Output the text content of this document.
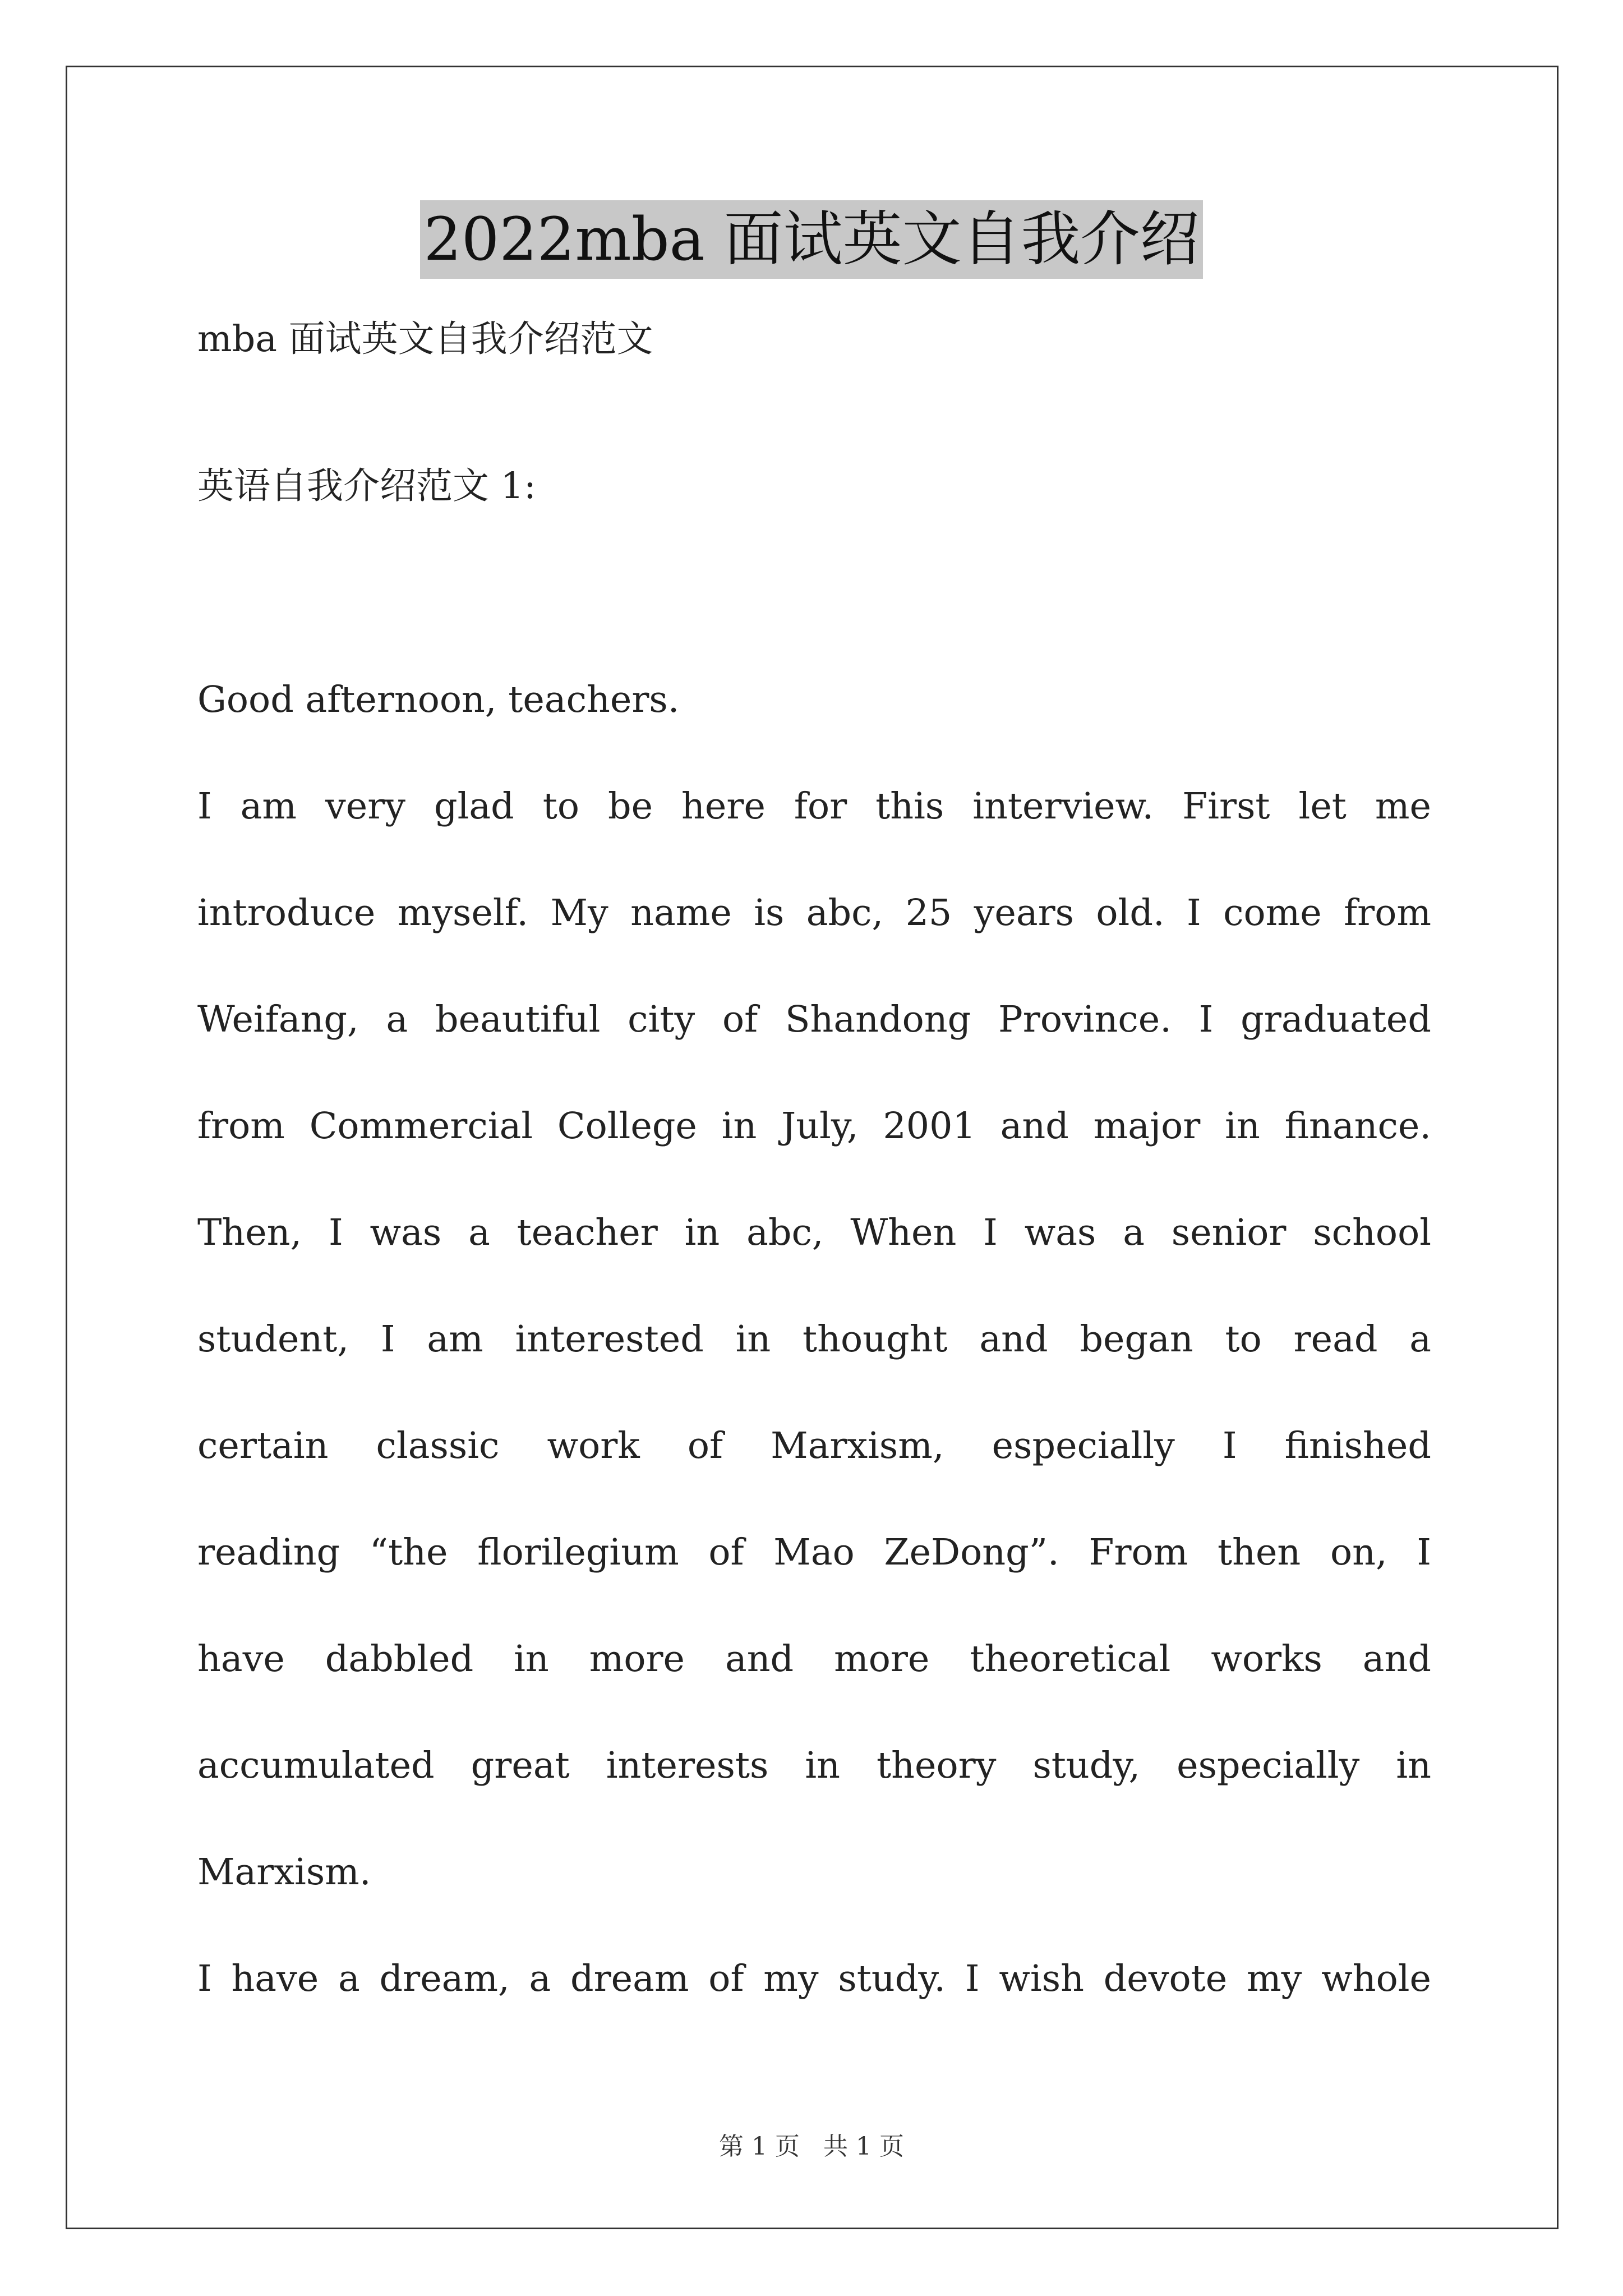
2022mba 面试英文自我介绍
mba 面试英文自我介绍范文
英语自我介绍范文 1:
Good afternoon, teachers.
I am very glad to be here for this interview. First let me
introduce myself. My name is abc, 25 years old. I come from
Weifang, a beautiful city of Shandong Province. I graduated
from Commercial College in July, 2001 and major in finance.
Then, I was a teacher in abc, When I was a senior school
student, I am interested in thought and began to read a
certain classic work of Marxism, especially I finished
reading “the florilegium of Mao ZeDong”. From then on, I
have dabbled in more and more theoretical works and
accumulated great interests in theory study, especially in
Marxism.
I have a dream, a dream of my study. I wish devote my whole
第 1 页   共 1 页
